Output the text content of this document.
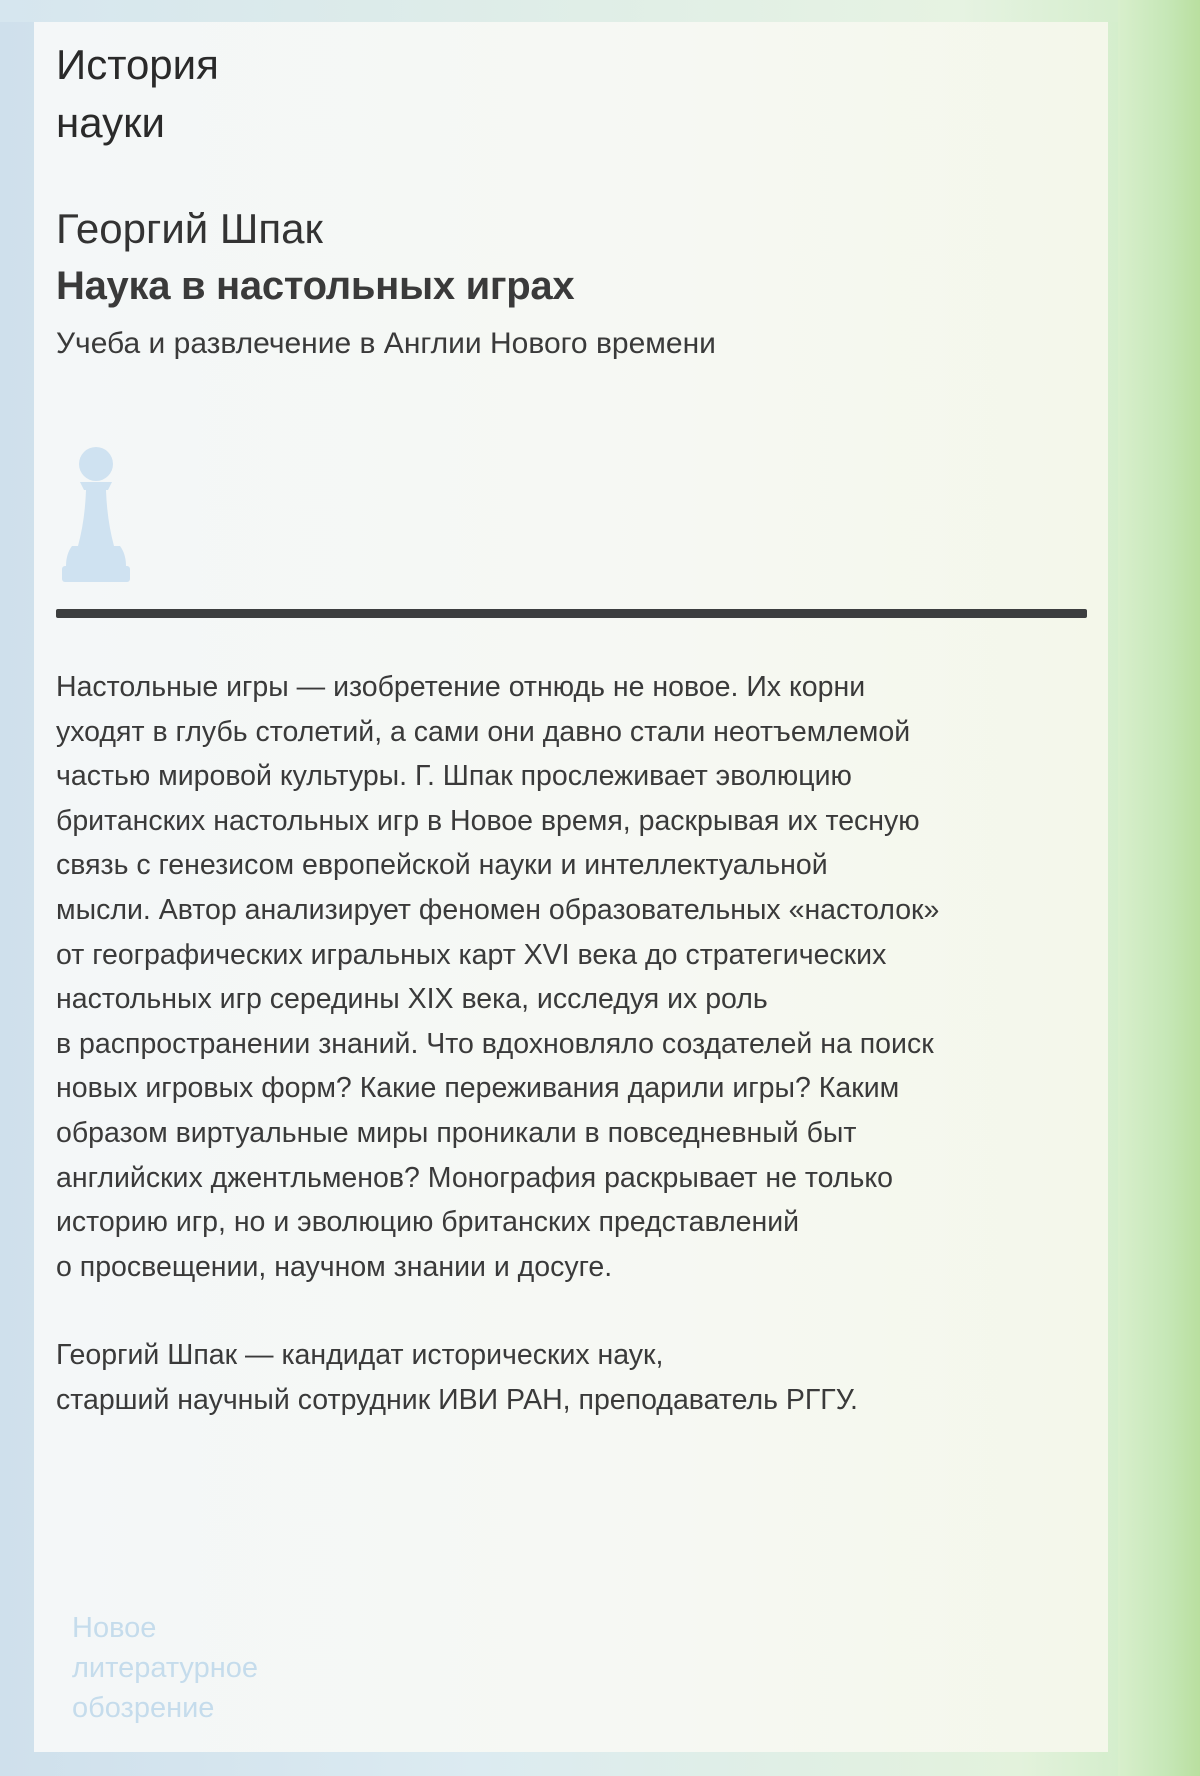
История
науки
Георгий Шпак
Наука в настольных играх

Учеба и развлечение в Англии Нового времени

Настольные игры — изобретение отнюдь не новое. Их корни
уходят в глубь столетий, а сами они давно стали неотъемлемой
частью мировой культуры. Г. Шпак прослеживает эволюцию
британских настольных игр в Новое время, раскрывая их тесную
связь с генезисом европейской науки и интеллектуальной
мысли. Автор анализирует феномен образовательных «настолок»
от географических игральных карт XVI века до стратегических
настольных игр середины XIX века, исследуя их роль
в распространении знаний. Что вдохновляло создателей на поиск
новых игровых форм? Какие переживания дарили игры? Каким
образом виртуальные миры проникали в повседневный быт
английских джентльменов? Монография раскрывает не только
историю игр, но и эволюцию британских представлений
о просвещении, научном знании и досуге.
Георгий Шпак — кандидат исторических наук,
старший научный сотрудник ИВИ РАН, преподаватель РГГУ.
Новое
литературное
обозрение
